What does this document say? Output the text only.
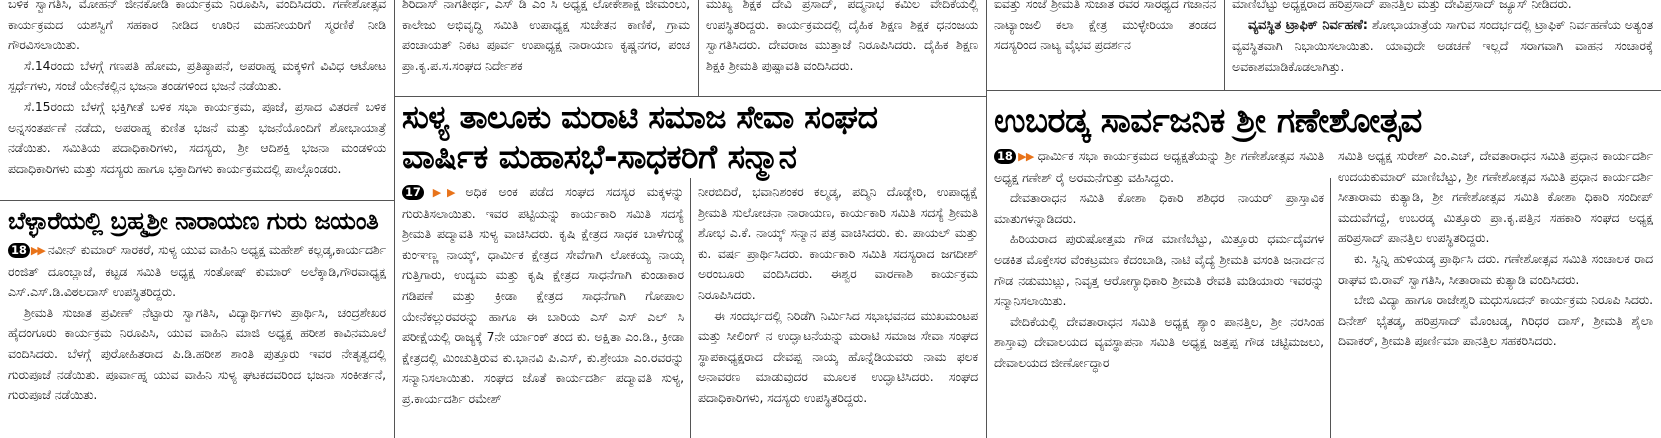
ಬಳಿಕ ಸ್ವಾಗತಿಸಿ, ಮೋಹನ್ ಜೀನಕೋಡಿ ಕಾರ್ಯಕ್ರಮ ನಿರೂಪಿಸಿ, ವಂದಿಸಿದರು. ಗಣೇಶೋತ್ಸವ ಕಾರ್ಯಕ್ರಮದ ಯಶಸ್ವಿಗೆ ಸಹಕಾರ ನೀಡಿದ ಊರಿನ ಮಹನೀಯರಿಗೆ ಸ್ಮರಣಿಕೆ ನೀಡಿ ಗೌರವಿಸಲಾಯಿತು.

ಸೆ.14ರಂದು ಬೆಳಗ್ಗೆ ಗಣಪತಿ ಹೋಮ, ಪ್ರತಿಷ್ಠಾಪನೆ, ಅಪರಾಹ್ನ ಮಕ್ಕಳಿಗೆ ವಿವಿಧ ಆಟೋಟ ಸ್ಪರ್ಧೆಗಳು, ಸಂಜೆ ಯೇನೆಕಲ್ಲಿನ ಭಜನಾ ತಂಡಗಳಿಂದ ಭಜನೆ ನಡೆಯಿತು.

ಸೆ.15ರಂದು ಬೆಳಗ್ಗೆ ಭಕ್ತಿಗೀತೆ ಬಳಿಕ ಸಭಾ ಕಾರ್ಯಕ್ರಮ, ಪೂಜೆ, ಪ್ರಸಾದ ವಿತರಣೆ ಬಳಿಕ ಅನ್ನಸಂತರ್ಪಣೆ ನಡೆದು, ಅಪರಾಹ್ನ ಕುಣಿತ ಭಜನೆ ಮತ್ತು ಭಜನೆಯೊಂದಿಗೆ ಶೋಭಾಯಾತ್ರೆ ನಡೆಯಿತು. ಸಮಿತಿಯ ಪದಾಧಿಕಾರಿಗಳು, ಸದಸ್ಯರು, ಶ್ರೀ ಆದಿಶಕ್ತಿ ಭಜನಾ ಮಂಡಳಿಯ ಪದಾಧಿಕಾರಿಗಳು ಮತ್ತು ಸದಸ್ಯರು ಹಾಗೂ ಭಕ್ತಾದಿಗಳು ಕಾರ್ಯಕ್ರಮದಲ್ಲಿ ಪಾಲ್ಗೊಂಡರು.

ಬೆಳ್ಳಾರೆಯಲ್ಲಿ ಬ್ರಹ್ಮಶ್ರೀ ನಾರಾಯಣ ಗುರು ಜಯಂತಿ

18 ▶▶ ನವೀನ್ ಕುಮಾರ್ ಸಾರಕರೆ, ಸುಳ್ಯ ಯುವ ವಾಹಿನಿ ಅಧ್ಯಕ್ಷ ಮಹೇಶ್ ಕಲ್ಲಡ್ಕ,ಕಾರ್ಯದರ್ಶಿ ರಂಜಿತ್ ದೂಂಬ್ಲಾಜೆ, ಕಟ್ಟಡ ಸಮಿತಿ ಅಧ್ಯಕ್ಷ ಸಂತೋಷ್ ಕುಮಾರ್ ಅಲೆಕ್ಕಾಡಿ,ಗೌರವಾಧ್ಯಕ್ಷ ಎಸ್.ಎಸ್.ಡಿ.ವಿಠಲದಾಸ್ ಉಪಸ್ಥಿತರಿದ್ದರು.

ಶ್ರೀಮತಿ ಸುಜಾತ ಪ್ರವೀಣ್ ನೆಟ್ಟಾರು ಸ್ವಾಗತಿಸಿ, ವಿದ್ಯಾರ್ಥಿಗಳು ಪ್ರಾರ್ಥಿಸಿ, ಚಂದ್ರಶೇಖರ ಹೈದಂಗೂರು ಕಾರ್ಯಕ್ರಮ ನಿರೂಪಿಸಿ, ಯುವ ವಾಹಿನಿ ಮಾಜಿ ಅಧ್ಯಕ್ಷ ಹರೀಶ ಕಾವಿನಮೂಲೆ ವಂದಿಸಿದರು. ಬೆಳಗ್ಗೆ ಪುರೋಹಿತರಾದ ಪಿ.ಡಿ.ಹರೀಶ ಶಾಂತಿ ಪುತ್ತೂರು ಇವರ ನೇತೃತ್ವದಲ್ಲಿ ಗುರುಪೂಜೆ ನಡೆಯಿತು. ಪೂರ್ವಾಹ್ನ ಯುವ ವಾಹಿನಿ ಸುಳ್ಯ ಘಟಕದವರಿಂದ ಭಜನಾ ಸಂಕೀರ್ತನೆ, ಗುರುಪೂಜೆ ನಡೆಯಿತು.

ಶಿರಿದಾಸ್ ನಾಗತೀರ್ಥ, ಎಸ್ ಡಿ ಎಂ ಸಿ ಅಧ್ಯಕ್ಷ ಲೋಕೇಶಾಕ್ಷ ಜೀಮಂಲು, ಕಾಲೇಜು ಅಭಿವೃದ್ಧಿ ಸಮಿತಿ ಉಪಾಧ್ಯಕ್ಷ ಸುಚೇತನ ಕಾಣಿಕೆ, ಗ್ರಾಮ ಪಂಚಾಯತ್ ನಿಕಟ ಪೂರ್ವ ಉಪಾಧ್ಯಕ್ಷ ನಾರಾಯಣ ಕೃಷ್ಣನಗರ, ಪಂಚ ಪ್ರಾ.ಕೃ.ಪ.ಸ.ಸಂಘದ ನಿರ್ದೇಶಕ

ಮುಖ್ಯ ಶಿಕ್ಷಕ ದೇವಿ ಪ್ರಸಾದ್, ಪದ್ಮನಾಭ ಕಮಿಲ ವೇದಿಕೆಯಲ್ಲಿ ಉಪಸ್ಥಿತರಿದ್ದರು. ಕಾರ್ಯಕ್ರಮದಲ್ಲಿ ದೈಹಿಕ ಶಿಕ್ಷಣ ಶಿಕ್ಷಕ ಧನಂಜಯ ಸ್ವಾಗತಿಸಿದರು. ದೇವರಾಜ ಮುತ್ತಾಜೆ ನಿರೂಪಿಸಿದರು. ದೈಹಿಕ ಶಿಕ್ಷಣ ಶಿಕ್ಷಕಿ ಶ್ರೀಮತಿ ಪುಷ್ಪಾವತಿ ವಂದಿಸಿದರು.

ಸುಳ್ಯ ತಾಲೂಕು ಮರಾಟಿ ಸಮಾಜ ಸೇವಾ ಸಂಘದ
ವಾರ್ಷಿಕ ಮಹಾಸಭೆ-ಸಾಧಕರಿಗೆ ಸನ್ಮಾನ

17 ▶▶ ಅಧಿಕ ಅಂಕ ಪಡೆದ ಸಂಘದ ಸದಸ್ಯರ ಮಕ್ಕಳನ್ನು ಗುರುತಿಸಲಾಯಿತು. ಇವರ ಪಟ್ಟಿಯನ್ನು ಕಾರ್ಯಕಾರಿ ಸಮಿತಿ ಸದಸ್ಯೆ ಶ್ರೀಮತಿ ಪದ್ಮಾವತಿ ಸುಳ್ಯ ವಾಚಿಸಿದರು. ಕೃಷಿ ಕ್ಷೇತ್ರದ ಸಾಧಕ ಬಾಳೆಗುಡ್ಡೆ ಕುಂಞಣ್ಣ ನಾಯ್ಕ್, ಧಾರ್ಮಿಕ ಕ್ಷೇತ್ರದ ಸೇವೆಗಾಗಿ ಲೋಕಯ್ಯ ನಾಯ್ಕ ಗುತ್ತಿಗಾರು, ಉದ್ಯಮ ಮತ್ತು ಕೃಷಿ ಕ್ಷೇತ್ರದ ಸಾಧನೆಗಾಗಿ ಕುಂಡಾಕಾರ ಗಡಿಪಣೆ ಮತ್ತು ಕ್ರೀಡಾ ಕ್ಷೇತ್ರದ ಸಾಧನೆಗಾಗಿ ಗೋಪಾಲ ಯೇನೆಕಲ್ಲುರವರನ್ನು ಹಾಗೂ ಈ ಬಾರಿಯ ಎಸ್ ಎಸ್ ಎಲ್ ಸಿ ಪರೀಕ್ಷೆಯಲ್ಲಿ ರಾಜ್ಯಕ್ಕೆ 7ನೇ ರ್ಯಾಂಕ್ ತಂದ ಕು. ಅಕ್ಷಿತಾ ಎಂ.ಡಿ., ಕ್ರೀಡಾ ಕ್ಷೇತ್ರದಲ್ಲಿ ಮಿಂಚುತ್ತಿರುವ ಕು.ಭಾನವಿ ಪಿ.ಎಸ್, ಕು.ಶ್ರೇಯಾ ಎಂ.ರವರನ್ನು ಸನ್ಮಾನಿಸಲಾಯಿತು. ಸಂಘದ ಜೊತೆ ಕಾರ್ಯದರ್ಶಿ ಪದ್ಮಾವತಿ ಸುಳ್ಯ, ಪ್ರ.ಕಾರ್ಯದರ್ಶಿ ರಮೇಶ್

ನೀರಬಿದಿರೆ, ಭವಾನಿಶಂಕರ ಕಲ್ಮಡ್ಕ, ಪದ್ಮಿನಿ ದೊಡ್ಡೇರಿ, ಉಪಾಧ್ಯಕ್ಷೆ ಶ್ರೀಮತಿ ಸುಲೋಚನಾ ನಾರಾಯಣ, ಕಾರ್ಯಕಾರಿ ಸಮಿತಿ ಸದಸ್ಯೆ ಶ್ರೀಮತಿ ಶೋಭ ಎ.ಕೆ. ನಾಯ್ಕ್ ಸನ್ಮಾನ ಪತ್ರ ವಾಚಿಸಿದರು. ಕು. ಪಾಯಲ್ ಮತ್ತು ಕು. ವರ್ಷ ಪ್ರಾರ್ಥಿಸಿದರು. ಕಾರ್ಯಕಾರಿ ಸಮಿತಿ ಸದಸ್ಯರಾದ ಜಗದೀಶ್ ಅರಂಬೂರು ವಂದಿಸಿದರು. ಈಶ್ವರ ವಾರಣಾಶಿ ಕಾರ್ಯಕ್ರಮ ನಿರೂಪಿಸಿದರು.

ಈ ಸಂದರ್ಭದಲ್ಲಿ ನಿರಿಡೆಗಿ ನಿರ್ಮಿಸಿದ ಸಭಾಭವನದ ಮುಖಮಂಟಪ ಮತ್ತು ಸೀಲಿಂಗ್ ನ ಉದ್ಘಾಟನೆಯನ್ನು ಮರಾಟಿ ಸಮಾಜ ಸೇವಾ ಸಂಘದ ಸ್ಥಾಪಕಾಧ್ಯಕ್ಷರಾದ ದೇವಪ್ಪ ನಾಯ್ಕ ಹೊನ್ನೆಡಿಯವರು ನಾಮ ಫಲಕ ಅನಾವರಣ ಮಾಡುವುದರ ಮೂಲಕ ಉದ್ಘಾಟಿಸಿದರು. ಸಂಘದ ಪದಾಧಿಕಾರಿಗಳು, ಸದಸ್ಯರು ಉಪಸ್ಥಿತರಿದ್ದರು.

ಐವತ್ತು ಸಂಜೆ ಶ್ರೀಮತಿ ಸುಜಾತ ರವರ ಸಾರಥ್ಯದ ಗಜಾನನ ನಾಟ್ಯಾಂಜಲಿ ಕಲಾ ಕ್ಷೇತ್ರ ಮುಳ್ಳೇರಿಯಾ ತಂಡದ ಸದಸ್ಯರಿಂದ ನಾಟ್ಯ ವೈಭವ ಪ್ರದರ್ಶನ

ಮಾಣಿಬೆಟ್ಟು ಅಧ್ಯಕ್ಷರಾದ ಹರಿಪ್ರಸಾದ್ ಪಾನತ್ತಿಲ ಮತ್ತು ದೇವಿಪ್ರಸಾದ್ ಜ್ಯೂಸ್ ನೀಡಿದರು.

ವ್ಯವಸ್ಥಿತ ಟ್ರಾಫಿಕ್ ನಿರ್ವಹಣೆ: ಶೋಭಾಯಾತ್ರೆಯ ಸಾಗುವ ಸಂದರ್ಭದಲ್ಲಿ ಟ್ರಾಫಿಕ್ ನಿರ್ವಹಣೆಯ ಅತ್ಯಂತ ವ್ಯವಸ್ಥಿತವಾಗಿ ನಿಭಾಯಿಸಲಾಯಿತು. ಯಾವುದೇ ಅಡಚಣೆ ಇಲ್ಲದೆ ಸರಾಗವಾಗಿ ವಾಹನ ಸಂಚಾರಕ್ಕೆ ಅವಕಾಶಮಾಡಿಕೊಡಲಾಗಿತ್ತು.

ಉಬರಡ್ಕ ಸಾರ್ವಜನಿಕ ಶ್ರೀ ಗಣೇಶೋತ್ಸವ

18 ▶▶ ಧಾರ್ಮಿಕ ಸಭಾ ಕಾರ್ಯಕ್ರಮದ ಅಧ್ಯಕ್ಷತೆಯನ್ನು ಶ್ರೀ ಗಣೇಶೋತ್ಸವ ಸಮಿತಿ ಅಧ್ಯಕ್ಷ ಗಣೇಶ್ ರೈ ಅರಮನೆಗುತ್ತು ವಹಿಸಿದ್ದರು.

ದೇವತಾರಾಧನ ಸಮಿತಿ ಕೋಶಾ ಧಿಕಾರಿ ಶಶಿಧರ ನಾಯರ್ ಪ್ರಾಸ್ತಾವಿಕ ಮಾತುಗಳನ್ನಾಡಿದರು.

ಹಿರಿಯರಾದ ಪುರುಷೋತ್ತಮ ಗೌಡ ಮಾಣಿಬೆಟ್ಟು, ಮಿತ್ತೂರು ಧರ್ಮದೈವಗಳ ಅಡಕಿತ ಮೊಕ್ತೇಸರ ವೆಂಕಟ್ರಮಣ ಕೆದಂಬಾಡಿ, ನಾಟಿ ವೈದ್ಯೆ ಶ್ರೀಮತಿ ವಸಂತಿ ಜನಾರ್ದನ ಗೌಡ ನಡುಮುಟ್ಲು, ನಿವೃತ್ತ ಆರೋಗ್ಯಾಧಿಕಾರಿ ಶ್ರೀಮತಿ ರೇವತಿ ಮಡಿಯಾರು ಇವರನ್ನು ಸನ್ಮಾನಿಸಲಾಯಿತು.

ವೇದಿಕೆಯಲ್ಲಿ ದೇವತಾರಾಧನ ಸಮಿತಿ ಅಧ್ಯಕ್ಷ ಶ್ಯಾಂ ಪಾನತ್ತಿಲ, ಶ್ರೀ ನರಸಿಂಹ ಶಾಸ್ತಾವು ದೇವಾಲಯದ ವ್ಯವಸ್ಥಾಪನಾ ಸಮಿತಿ ಅಧ್ಯಕ್ಷ ಜತ್ತಪ್ಪ ಗೌಡ ಚಟ್ಟಿಮಜಲು, ದೇವಾಲಯದ ಜೀರ್ಣೋದ್ಧಾರ

ಸಮಿತಿ ಅಧ್ಯಕ್ಷ ಸುರೇಶ್ ಎಂ.ಎಚ್, ದೇವತಾರಾಧನ ಸಮಿತಿ ಪ್ರಧಾನ ಕಾರ್ಯದರ್ಶಿ ಉದಯಕುಮಾರ್ ಮಾಣಿಬೆಟ್ಟು, ಶ್ರೀ ಗಣೇಶೋತ್ಸವ ಸಮಿತಿ ಪ್ರಧಾನ ಕಾರ್ಯದರ್ಶಿ ಸೀತಾರಾಮ ಕುತ್ಯಾಡಿ, ಶ್ರೀ ಗಣೇಶೋತ್ಸವ ಸಮಿತಿ ಕೋಶಾ ಧಿಕಾರಿ ಸಂದೀಪ್ ಮದುವೆಗದ್ದೆ, ಉಬರಡ್ಕ ಮಿತ್ತೂರು ಪ್ರಾ.ಕೃ.ಪತ್ತಿನ ಸಹಕಾರಿ ಸಂಘದ ಅಧ್ಯಕ್ಷ ಹರಿಪ್ರಸಾದ್ ಪಾನತ್ತಿಲ ಉಪಸ್ಥಿತರಿದ್ದರು.

ಕು. ಸ್ವಿನ್ನಿ ಹುಳಿಯಡ್ಕ ಪ್ರಾರ್ಥಿಸಿ ದರು. ಗಣೇಶೋತ್ಸವ ಸಮಿತಿ ಸಂಚಾಲಕ ರಾದ ರಾಘವ ಬಿ.ರಾವ್ ಸ್ವಾಗತಿಸಿ, ಸೀತಾರಾಮ ಕುತ್ಯಾಡಿ ವಂದಿಸಿದರು.

ಬೇಬಿ ವಿದ್ಯಾ ಹಾಗೂ ರಾಜೇಶ್ವರಿ ಮಧುಸೂದನ್ ಕಾರ್ಯಕ್ರಮ ನಿರೂಪಿ ಸಿದರು. ದಿನೇಶ್ ಭೈತಡ್ಕ, ಹರಿಪ್ರಸಾದ್ ಮೊಂಟಡ್ಕ, ಗಿರಿಧರ ದಾಸ್, ಶ್ರೀಮತಿ ಶೈಲಾ ದಿವಾಕರ್, ಶ್ರೀಮತಿ ಪೂರ್ಣಿಮಾ ಪಾನತ್ತಿಲ ಸಹಕರಿಸಿದರು.
